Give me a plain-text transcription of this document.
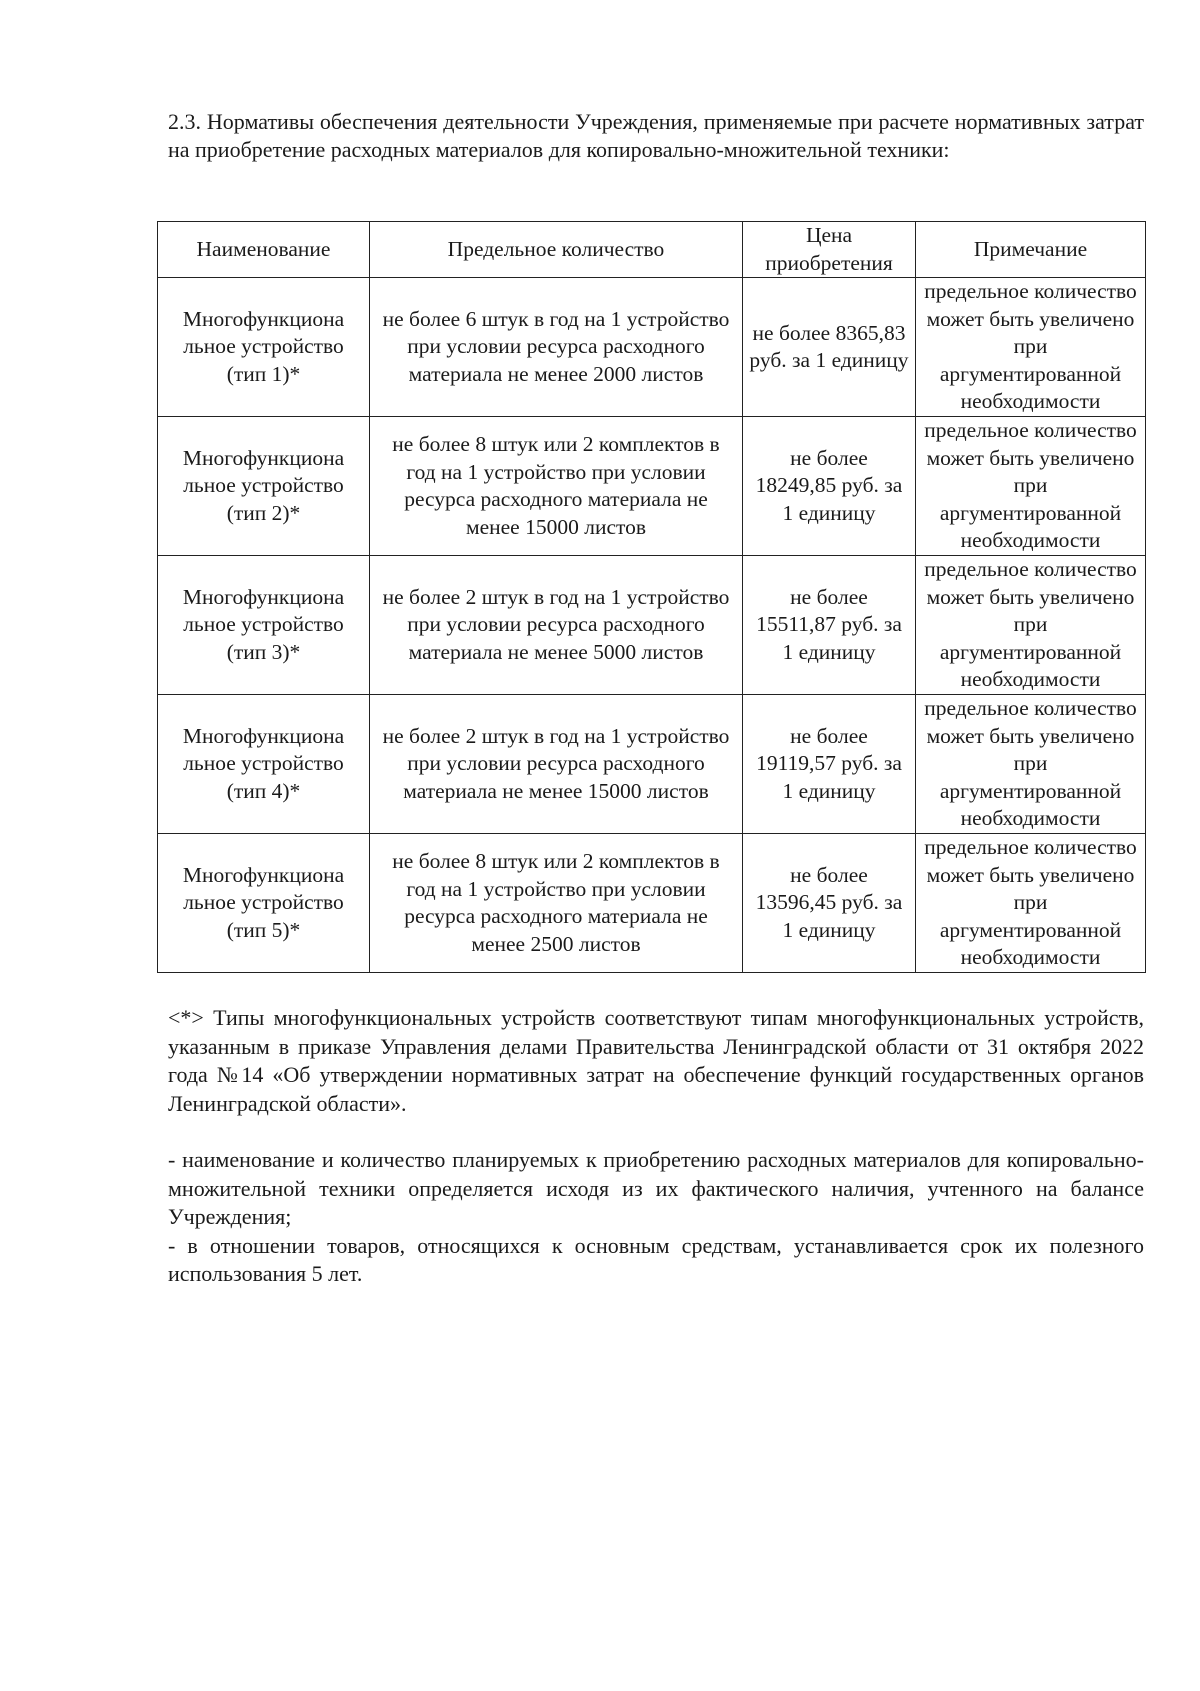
2.3. Нормативы обеспечения деятельности Учреждения, применяемые при расчете нормативных затрат на приобретение расходных материалов для копировально-множительной техники:

Наименование	Предельное количество	Цена приобретения	Примечание
Многофункциона льное устройство (тип 1)*	не более 6 штук в год на 1 устройство при условии ресурса расходного материала не менее 2000 листов	не более 8365,83 руб. за 1 единицу	предельное количество может быть увеличено при аргументированной необходимости
Многофункциона льное устройство (тип 2)*	не более 8 штук или 2 комплектов в год на 1 устройство при условии ресурса расходного материала не менее 15000 листов	не более 18249,85 руб. за 1 единицу	предельное количество может быть увеличено при аргументированной необходимости
Многофункциона льное устройство (тип 3)*	не более 2 штук в год на 1 устройство при условии ресурса расходного материала не менее 5000 листов	не более 15511,87 руб. за 1 единицу	предельное количество может быть увеличено при аргументированной необходимости
Многофункциона льное устройство (тип 4)*	не более 2 штук в год на 1 устройство при условии ресурса расходного материала не менее 15000 листов	не более 19119,57 руб. за 1 единицу	предельное количество может быть увеличено при аргументированной необходимости
Многофункциона льное устройство (тип 5)*	не более 8 штук или 2 комплектов в год на 1 устройство при условии ресурса расходного материала не менее 2500 листов	не более 13596,45 руб. за 1 единицу	предельное количество может быть увеличено при аргументированной необходимости

<*> Типы многофункциональных устройств соответствуют типам многофункциональных устройств, указанным в приказе Управления делами Правительства Ленинградской области от 31 октября 2022 года №14 «Об утверждении нормативных затрат на обеспечение функций государственных органов Ленинградской области».

- наименование и количество планируемых к приобретению расходных материалов для копировально-множительной техники определяется исходя из их фактического наличия, учтенного на балансе Учреждения;

- в отношении товаров, относящихся к основным средствам, устанавливается срок их полезного использования 5 лет.
